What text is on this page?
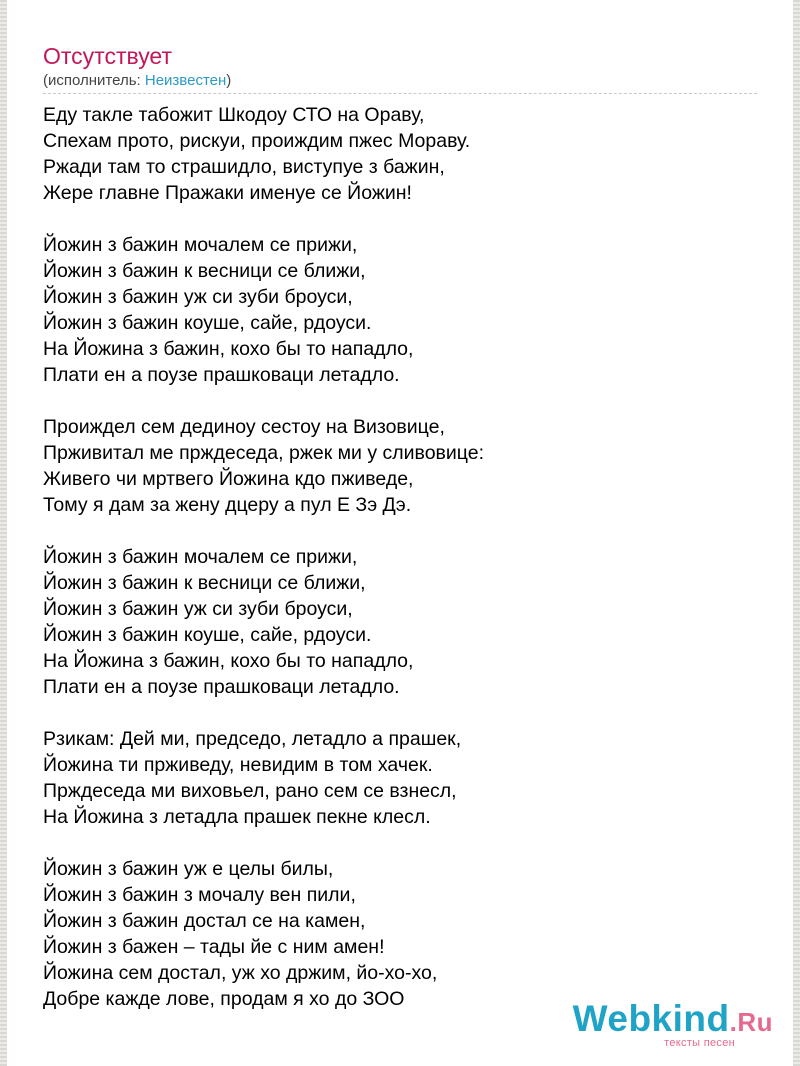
Отсутствует
(исполнитель: Неизвестен)
Еду такле табожит Шкодоу СТО на Ораву,
Спехам прото, рискуи, проиждим пжес Мораву.
Ржади там то страшидло, виступуе з бажин,
Жере главне Пражаки именуе се Йожин!
Йожин з бажин мочалем се прижи,
Йожин з бажин к весници се ближи,
Йожин з бажин уж си зуби броуси,
Йожин з бажин коуше, сайе, рдоуси.
На Йожина з бажин, кохо бы то нападло,
Плати ен а поузе прашковаци летадло.
Проиждел сем дединоу сестоу на Визовице,
Прживитал ме прждеседа, ржек ми у сливовице:
Живего чи мртвего Йожина кдо пживеде,
Тому я дам за жену дцеру а пул Е Зэ Дэ.
Йожин з бажин мочалем се прижи,
Йожин з бажин к весници се ближи,
Йожин з бажин уж си зуби броуси,
Йожин з бажин коуше, сайе, рдоуси.
На Йожина з бажин, кохо бы то нападло,
Плати ен а поузе прашковаци летадло.
Рзикам: Дей ми, председо, летадло а прашек,
Йожина ти прживеду, невидим в том хачек.
Прждеседа ми виховьел, рано сем се взнесл,
На Йожина з летадла прашек пекне клесл.
Йожин з бажин уж е целы билы,
Йожин з бажин з мочалу вен пили,
Йожин з бажин достал се на камен,
Йожин з бажен – тады йе с ним амен!
Йожина сем достал, уж хо држим, йо-хо-хо,
Добре каждe лове, продам я хо до ЗОО	Webkind.Ru
тексты песен
